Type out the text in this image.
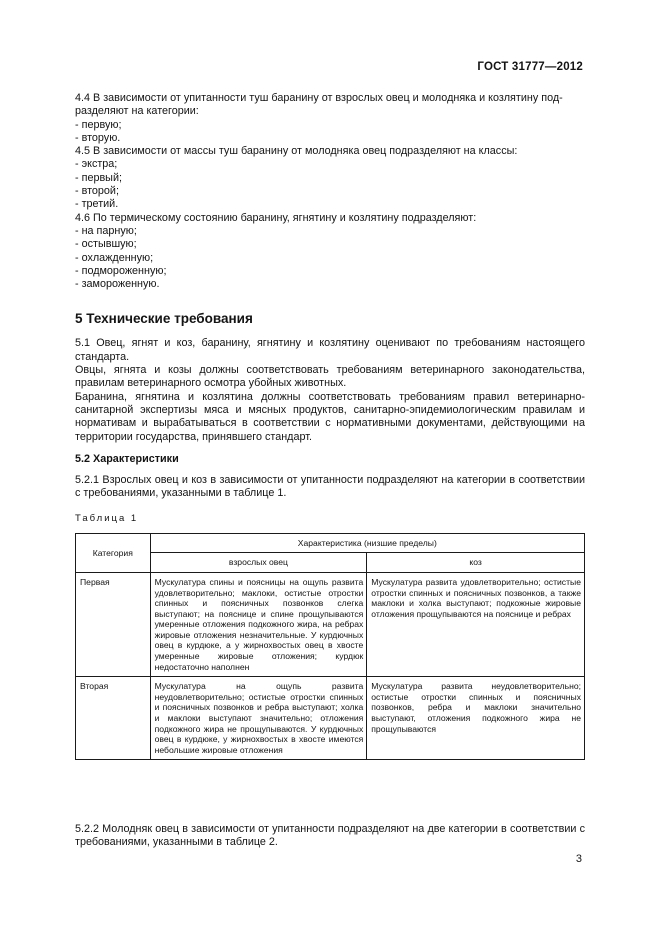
ГОСТ 31777—2012

4.4 В зависимости от упитанности туш баранину от взрослых овец и молодняка и козлятину под-

разделяют на категории:

- первую;

- вторую.

4.5 В зависимости от массы туш баранину от молодняка овец подразделяют на классы:

- экстра;

- первый;

- второй;

- третий.

4.6 По термическому состоянию баранину, ягнятину и козлятину подразделяют:

- на парную;

- остывшую;

- охлажденную;

- подмороженную;

- замороженную.

5 Технические требования

5.1 Овец, ягнят и коз, баранину, ягнятину и козлятину оценивают по требованиям настоящего стандарта.

Овцы, ягнята и козы должны соответствовать требованиям ветеринарного законодательства, правилам ветеринарного осмотра убойных животных.

Баранина, ягнятина и козлятина должны соответствовать требованиям правил ветеринарно-санитарной экспертизы мяса и мясных продуктов, санитарно-эпидемиологическим правилам и нормативам и вырабатываться в соответствии с нормативными документами, действующими на территории государства, принявшего стандарт.

5.2 Характеристики

5.2.1 Взрослых овец и коз в зависимости от упитанности подразделяют на категории в соответствии с требованиями, указанными в таблице 1.

Таблица 1
Категория	Характеристика (низшие пределы)	
	взрослых овец	коз
Первая	Мускулатура спины и поясницы на ощупь развита удовлетворительно; маклоки, остистые отростки спинных и поясничных позвонков слегка выступают; на пояснице и спине прощупываются умеренные отложения подкожного жира, на ребрах жировые отложения незначительные. У курдючных овец в курдюке, а у жирнохвостых овец в хвосте умеренные жировые отложения; курдюк недостаточно наполнен	Мускулатура развита удовлетворительно; остистые отростки спинных и поясничных позвонков, а также маклоки и холка выступают; подкожные жировые отложения прощупываются на пояснице и ребрах
Вторая	Мускулатура на ощупь развита неудовлетворительно; остистые отростки спинных и поясничных позвонков и ребра выступают; холка и маклоки выступают значительно; отложения подкожного жира не прощупываются. У курдючных овец в курдюке, у жирнохвостых в хвосте имеются небольшие жировые отложения	Мускулатура развита неудовлетворительно; остистые отростки спинных и поясничных позвонков, ребра и маклоки значительно выступают, отложения подкожного жира не прощупываются

5.2.2 Молодняк овец в зависимости от упитанности подразделяют на две категории в соответствии с требованиями, указанными в таблице 2.

3
